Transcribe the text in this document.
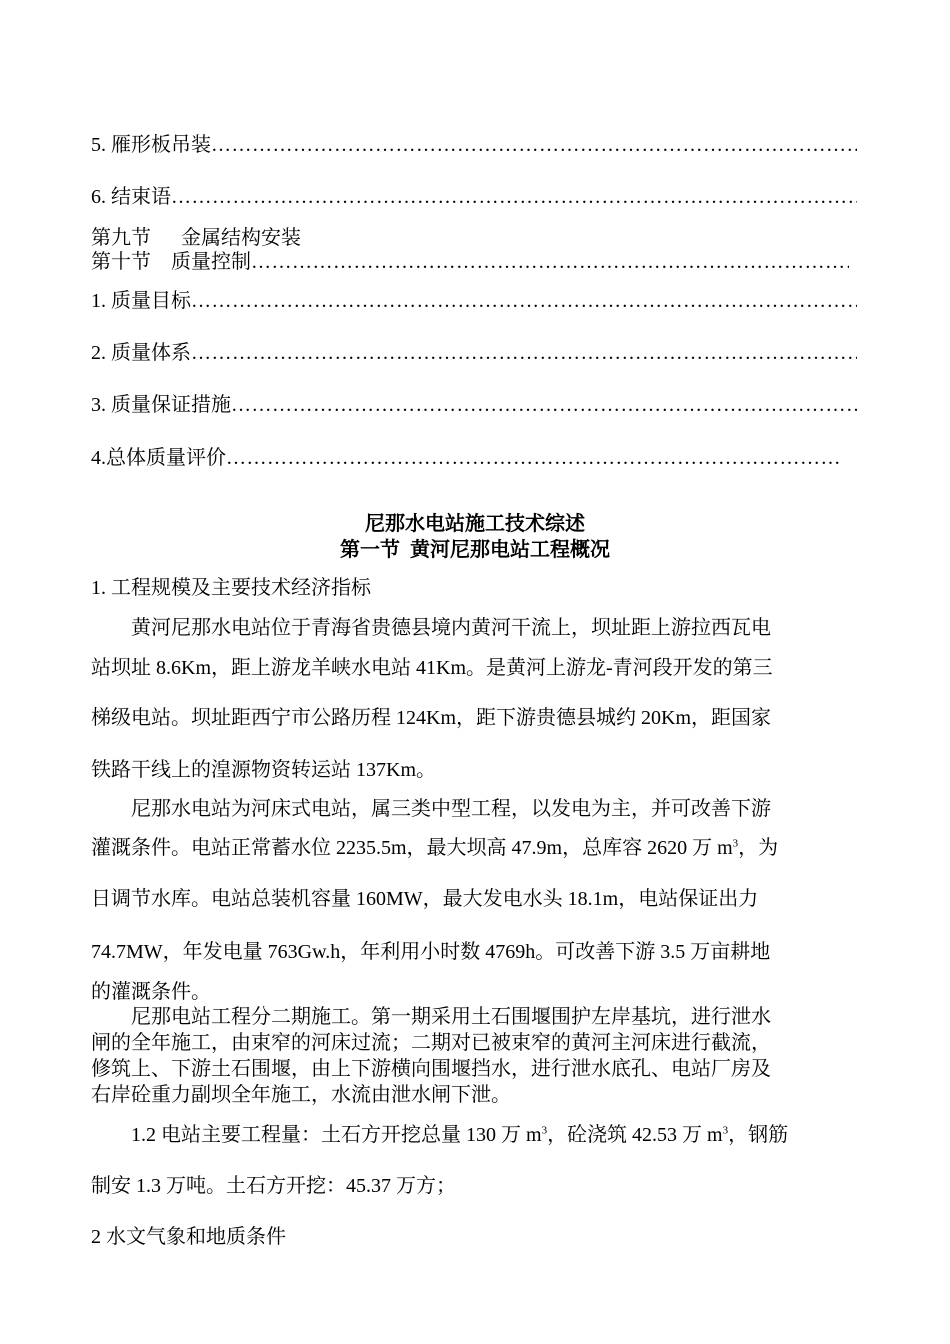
5. 雁形板吊装
……………………………………………………………………………………………………………………………………
6. 结束语
……………………………………………………………………………………………………………………………………
第九节      金属结构安装
第十节    质量控制
……………………………………………………………………………………………………………………………………
1. 质量目标
……………………………………………………………………………………………………………………………………
2. 质量体系
……………………………………………………………………………………………………………………………………
3. 质量保证措施
……………………………………………………………………………………………………………………………………
4.总体质量评价
……………………………………………………………………………………………………………………………………
尼那水电站施工技术综述
第一节  黄河尼那电站工程概况
1. 工程规模及主要技术经济指标
黄河尼那水电站位于青海省贵德县境内黄河干流上，坝址距上游拉西瓦电
站坝址 8.6Km，距上游龙羊峡水电站 41Km。是黄河上游龙-青河段开发的第三
梯级电站。坝址距西宁市公路历程 124Km，距下游贵德县城约 20Km，距国家
铁路干线上的湟源物资转运站 137Km。
尼那水电站为河床式电站，属三类中型工程，以发电为主，并可改善下游
灌溉条件。电站正常蓄水位 2235.5m，最大坝高 47.9m，总库容 2620 万 $m^3$，为
日调节水库。电站总装机容量 160MW，最大发电水头 18.1m，电站保证出力
74.7MW，年发电量 763Gw.h，年利用小时数 4769h。可改善下游 3.5 万亩耕地
的灌溉条件。
尼那电站工程分二期施工。第一期采用土石围堰围护左岸基坑，进行泄水
闸的全年施工，由束窄的河床过流；二期对已被束窄的黄河主河床进行截流，
修筑上、下游土石围堰，由上下游横向围堰挡水，进行泄水底孔、电站厂房及
右岸砼重力副坝全年施工，水流由泄水闸下泄。
1.2 电站主要工程量：土石方开挖总量 130 万 $m^3$，砼浇筑 42.53 万 $m^3$，钢筋
制安 1.3 万吨。土石方开挖：45.37 万方；
2 水文气象和地质条件
